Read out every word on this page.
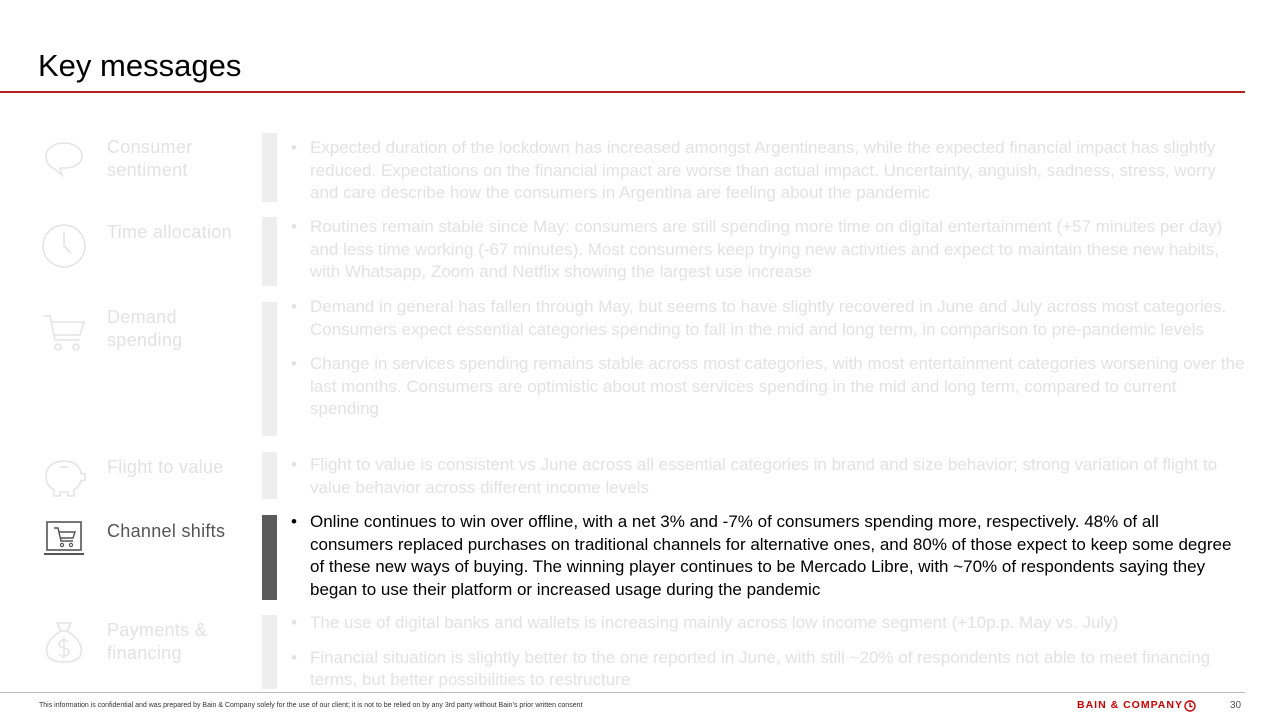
Key messages
Consumer sentiment
• Expected duration of the lockdown has increased amongst Argentineans, while the expected financial impact has slightly reduced. Expectations on the financial impact are worse than actual impact. Uncertainty, anguish, sadness, stress, worry and care describe how the consumers in Argentina are feeling about the pandemic
Time allocation	• Routines remain stable since May: consumers are still spending more time on digital entertainment (+57 minutes per day) and less time working (-67 minutes). Most consumers keep trying new activities and expect to maintain these new habits, with Whatsapp, Zoom and Netflix showing the largest use increase
Demand spending
• Demand in general has fallen through May, but seems to have slightly recovered in June and July across most categories. Consumers expect essential categories spending to fall in the mid and long term, in comparison to pre-pandemic levels
• Change in services spending remains stable across most categories, with most entertainment categories worsening over the last months. Consumers are optimistic about most services spending in the mid and long term, compared to current spending
Flight to value	• Flight to value is consistent vs June across all essential categories in brand and size behavior; strong variation of flight to value behavior across different income levels
Channel shifts	• Online continues to win over offline, with a net 3% and -7% of consumers spending more, respectively. 48% of all consumers replaced purchases on traditional channels for alternative ones, and 80% of those expect to keep some degree of these new ways of buying. The winning player continues to be Mercado Libre, with ~70% of respondents saying they began to use their platform or increased usage during the pandemic
Payments & financing
• The use of digital banks and wallets is increasing mainly across low income segment (+10p.p. May vs. July)
• Financial situation is slightly better to the one reported in June, with still ~20% of respondents not able to meet financing terms, but better possibilities to restructure
This information is confidential and was prepared by Bain & Company solely for the use of our client; it is not to be relied on by any 3rd party without Bain’s prior written consent	BAIN & COMPANY	30
